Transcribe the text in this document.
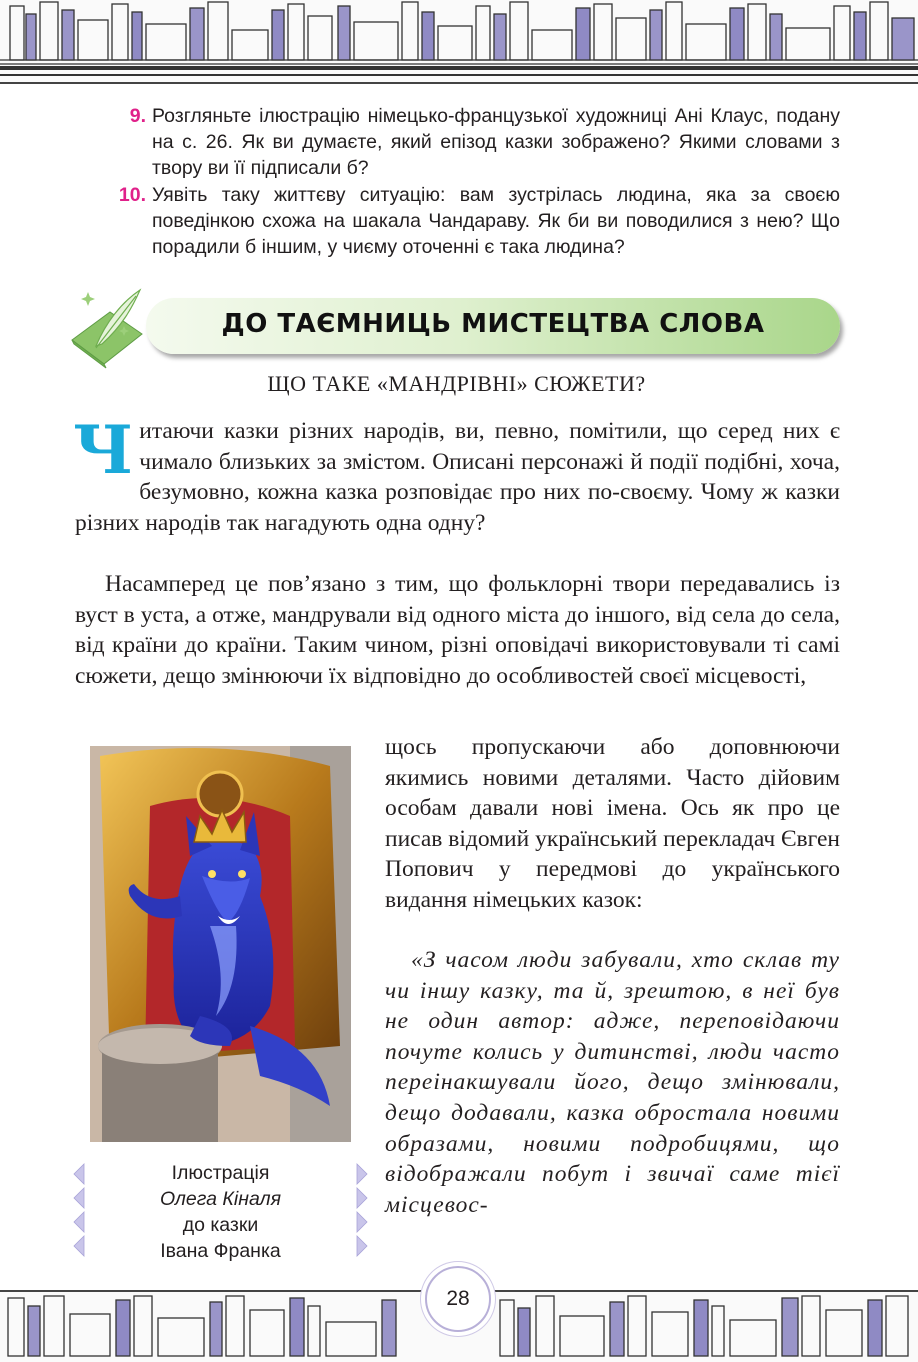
9. Розгляньте ілюстрацію німецько-французької художниці Ані Клаус, подану на с. 26. Як ви думаєте, який епізод казки зображено? Якими словами з твору ви її підписали б?
10. Уявіть таку життєву ситуацію: вам зустрілась людина, яка за своєю поведінкою схожа на шакала Чандараву. Як би ви поводилися з нею? Що порадили б іншим, у чиєму оточенні є така людина?
ДО ТАЄМНИЦЬ МИСТЕЦТВА СЛОВА
ЩО ТАКЕ «МАНДРІВНІ» СЮЖЕТИ?
Читаючи казки різних народів, ви, певно, помітили, що серед них є чимало близьких за змістом. Описані персонажі й події подібні, хоча, безумовно, кожна казка розповідає про них по-своєму. Чому ж казки різних народів так нагадують одна одну?
Насамперед це пов’язано з тим, що фольклорні твори передавались із вуст в уста, а отже, мандрували від одного міста до іншого, від села до села, від країни до країни. Таким чином, різні оповідачі використовували ті самі сюжети, дещо змінюючи їх відповідно до особливостей своєї місцевості,
щось пропускаючи або доповнюючи якимись новими деталями. Часто дійовим особам давали нові імена. Ось як про це писав відомий український перекладач Євген Попович у передмові до українського видання німецьких казок:
«З часом люди забували, хто склав ту чи іншу казку, та й, зрештою, в неї був не один автор: адже, переповідаючи почуте колись у дитинстві, люди часто переінакшували його, дещо змінювали, дещо додавали, казка обростала новими образами, новими подробицями, що відображали побут і звичаї саме тієї місцевос-
Ілюстрація
Олега Кіналя
до казки
Івана Франка
28
